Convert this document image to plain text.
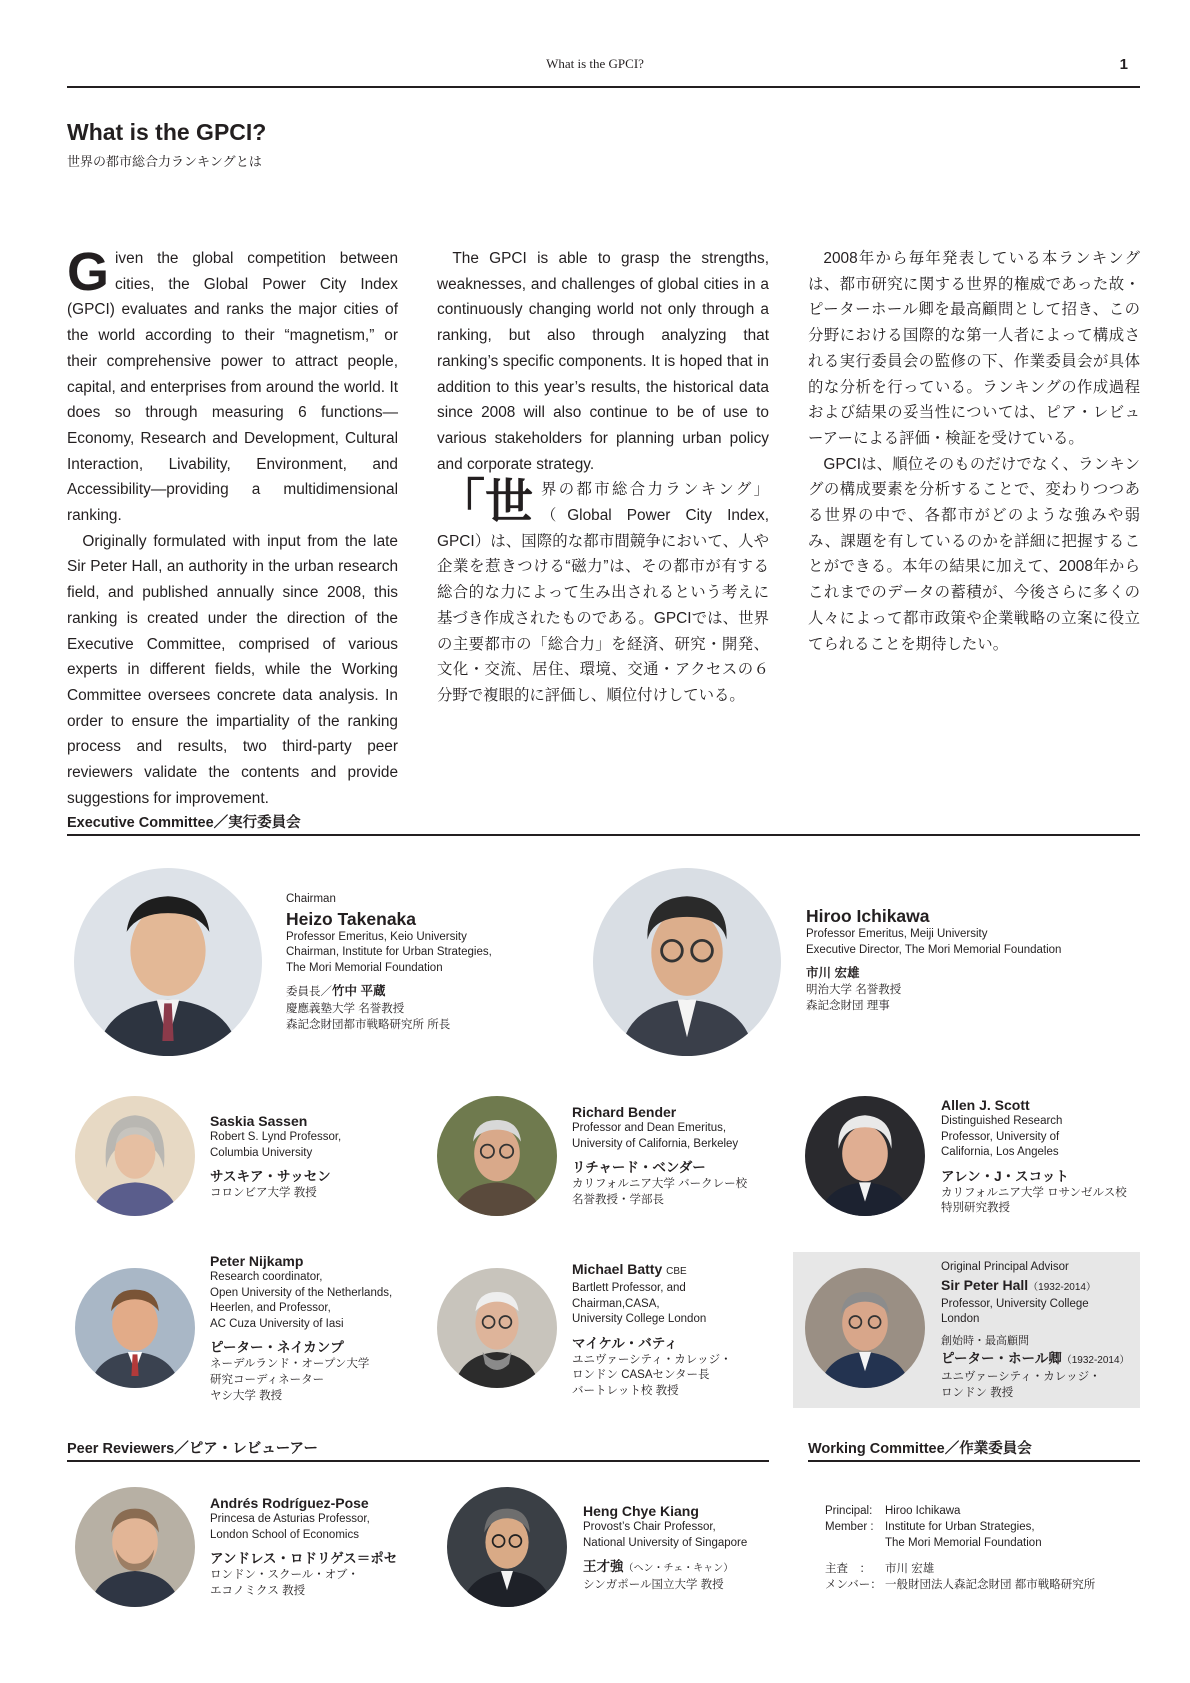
What is the GPCI?	1
What is the GPCI?
世界の都市総合力ランキングとは

Given the global competition between cities, the Global Power City Index (GPCI) evaluates and ranks the major cities of the world according to their “magnetism,” or their comprehensive power to attract people, capital, and enterprises from around the world. It does so through measuring 6 functions—Economy, Research and Development, Cultural Interaction, Livability, Environment, and Accessibility—providing a multidimensional ranking.

Originally formulated with input from the late Sir Peter Hall, an authority in the urban research field, and published annually since 2008, this ranking is created under the direction of the Executive Committee, comprised of various experts in different fields, while the Working Committee oversees concrete data analysis. In order to ensure the impartiality of the ranking process and results, two third-party peer reviewers validate the contents and provide suggestions for improvement.

The GPCI is able to grasp the strengths, weaknesses, and challenges of global cities in a continuously changing world not only through a ranking, but also through analyzing that ranking’s specific components. It is hoped that in addition to this year’s results, the historical data since 2008 will also continue to be of use to various stakeholders for planning urban policy and corporate strategy.

「世界の都市総合力ランキング」（Global Power City Index, GPCI）は、国際的な都市間競争において、人や企業を惹きつける“磁力”は、その都市が有する総合的な力によって生み出されるという考えに基づき作成されたものである。GPCIでは、世界の主要都市の「総合力」を経済、研究・開発、文化・交流、居住、環境、交通・アクセスの６分野で複眼的に評価し、順位付けしている。

2008年から毎年発表している本ランキングは、都市研究に関する世界的権威であった故・ピーターホール卿を最高顧問として招き、この分野における国際的な第一人者によって構成される実行委員会の監修の下、作業委員会が具体的な分析を行っている。ランキングの作成過程および結果の妥当性については、ピア・レビューアーによる評価・検証を受けている。

GPCIは、順位そのものだけでなく、ランキングの構成要素を分析することで、変わりつつある世界の中で、各都市がどのような強みや弱み、課題を有しているのかを詳細に把握することができる。本年の結果に加えて、2008年からこれまでのデータの蓄積が、今後さらに多くの人々によって都市政策や企業戦略の立案に役立てられることを期待したい。

Executive Committee／実行委員会
Chairman
Heizo Takenaka
Professor Emeritus, Keio University
Chairman, Institute for Urban Strategies,
The Mori Memorial Foundation
委員長／竹中 平蔵
慶應義塾大学 名誉教授
森記念財団都市戦略研究所 所長
Hiroo Ichikawa
Professor Emeritus, Meiji University
Executive Director, The Mori Memorial Foundation
市川 宏雄
明治大学 名誉教授
森記念財団 理事
Saskia Sassen
Robert S. Lynd Professor,
Columbia University
サスキア・サッセン
コロンビア大学 教授
Richard Bender
Professor and Dean Emeritus,
University of California, Berkeley
リチャード・ベンダー
カリフォルニア大学 バークレー校
名誉教授・学部長
Allen J. Scott
Distinguished Research
Professor, University of
California, Los Angeles
アレン・J・スコット
カリフォルニア大学 ロサンゼルス校
特別研究教授
Peter Nijkamp
Research coordinator,
Open University of the Netherlands,
Heerlen, and Professor,
AC Cuza University of Iasi
ピーター・ネイカンプ
ネーデルランド・オープン大学
研究コーディネーター
ヤシ大学 教授
Michael Batty CBE
Bartlett Professor, and
Chairman,CASA,
University College London
マイケル・バティ
ユニヴァーシティ・カレッジ・
ロンドン CASAセンター長
バートレット校 教授
Original Principal Advisor
Sir Peter Hall（1932-2014）
Professor, University College
London
創始時・最高顧問
ピーター・ホール卿（1932-2014）
ユニヴァーシティ・カレッジ・
ロンドン 教授
Peer Reviewers／ピア・レビューアー	Working Committee／作業委員会
Andrés Rodríguez-Pose
Princesa de Asturias Professor,
London School of Economics
アンドレス・ロドリゲス＝ポセ
ロンドン・スクール・オブ・
エコノミクス 教授
Heng Chye Kiang
Provost’s Chair Professor,
National University of Singapore
王才強（ヘン・チェ・キャン）
シンガポール国立大学 教授
Principal:	Hiroo Ichikawa
Member : Institute for Urban Strategies,
The Mori Memorial Foundation
主査　：	市川 宏雄
メンバー： 一般財団法人森記念財団 都市戦略研究所
